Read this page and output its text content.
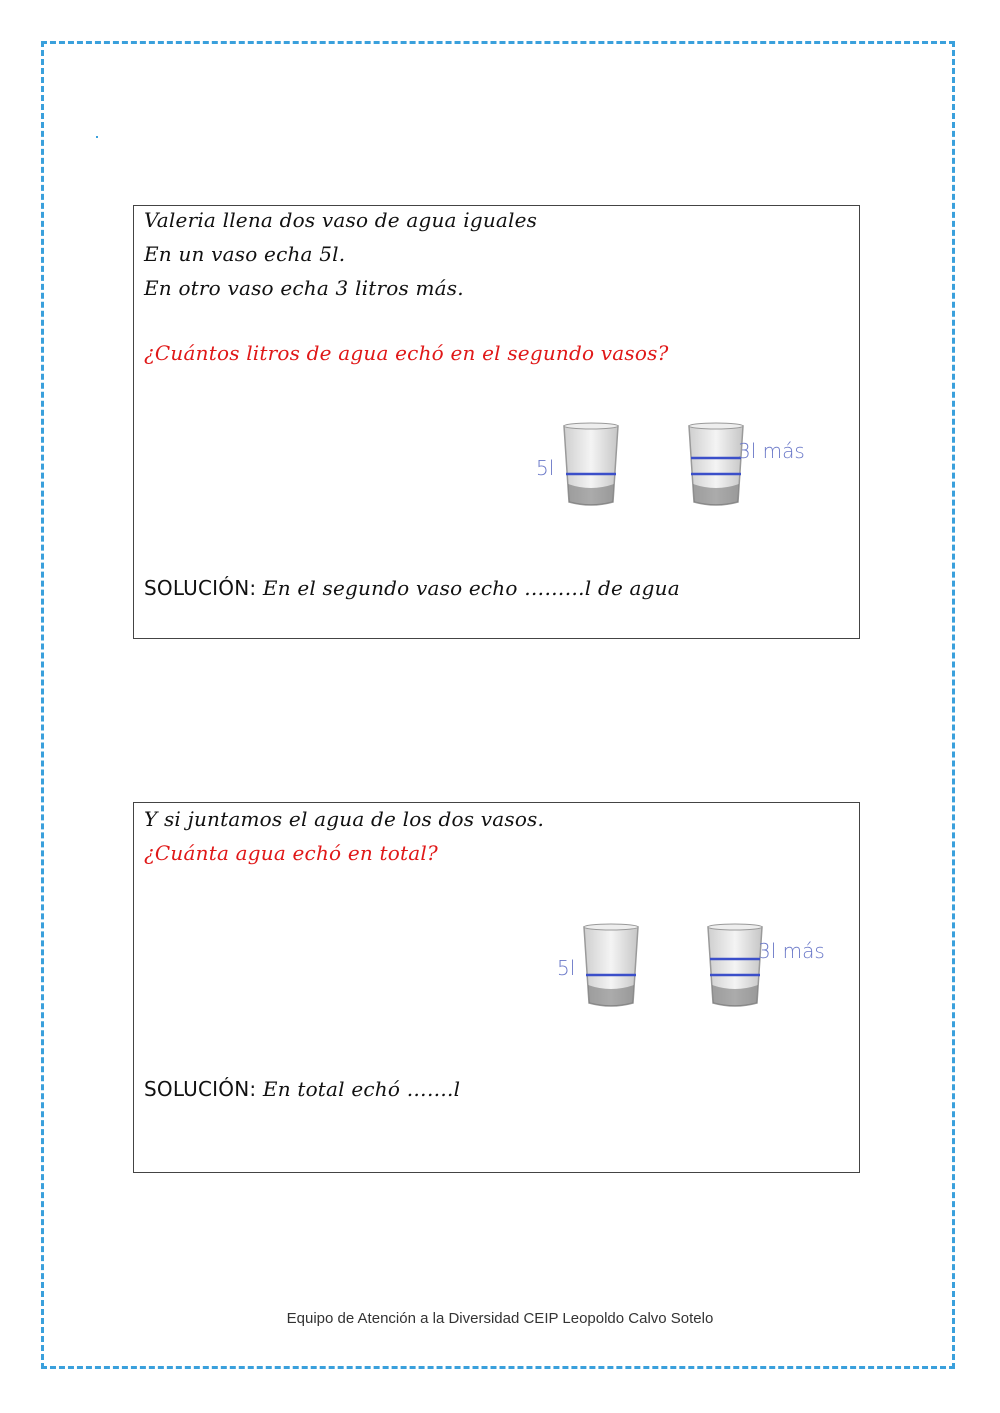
Valeria llena dos vaso de agua iguales
En un vaso echa 5l.
En otro vaso echa 3 litros más.
¿Cuántos litros de agua echó en el segundo vasos?
5l
3l más
SOLUCIÓN: En el segundo vaso echo ………l de agua
Y si juntamos el agua de los dos vasos.
¿Cuánta agua echó en total?
5l
3l más
SOLUCIÓN: En total echó …….l
Equipo de Atención a la Diversidad CEIP Leopoldo Calvo Sotelo
